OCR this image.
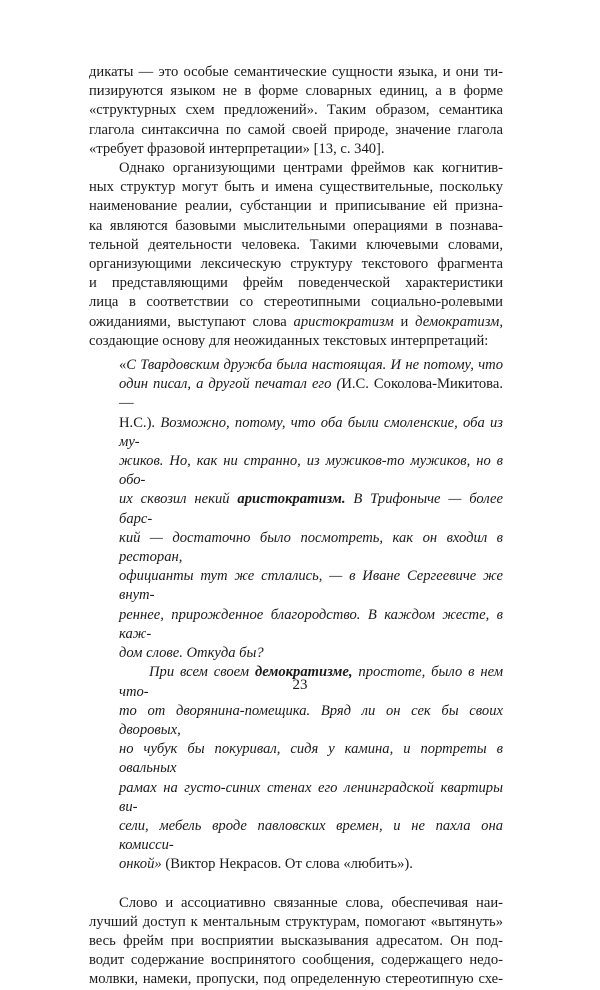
дикаты — это особые семантические сущности языка, и они ти-

пизируются языком не в форме словарных единиц, а в форме

«структурных схем предложений». Таким образом, семантика

глагола синтаксична по самой своей природе, значение глагола

«требует фразовой интерпретации» [13, с. 340].

Однако организующими центрами фреймов как когнитив-

ных структур могут быть и имена существительные, поскольку

наименование реалии, субстанции и приписывание ей призна-

ка являются базовыми мыслительными операциями в познава-

тельной деятельности человека. Такими ключевыми словами,

организующими лексическую структуру текстового фрагмента

и представляющими фрейм поведенческой характеристики

лица в соответствии со стереотипными социально-ролевыми

ожиданиями, выступают слова аристократизм и демократизм,

создающие основу для неожиданных текстовых интерпретаций:

«С Твардовским дружба была настоящая. И не потому, что

один писал, а другой печатал его (И.С. Соколова-Микитова. —

Н.С.). Возможно, потому, что оба были смоленские, оба из му-

жиков. Но, как ни странно, из мужиков-то мужиков, но в обо-

их сквозил некий аристократизм. В Трифоныче — более барс-

кий — достаточно было посмотреть, как он входил в ресторан,

официанты тут же стлались, — в Иване Сергеевиче же внут-

реннее, прирожденное благородство. В каждом жесте, в каж-

дом слове. Откуда бы?

При всем своем демократизме, простоте, было в нем что-

то от дворянина-помещика. Вряд ли он сек бы своих дворовых,

но чубук бы покуривал, сидя у камина, и портреты в овальных

рамах на густо-синих стенах его ленинградской квартиры ви-

сели, мебель вроде павловских времен, и не пахла она комисси-

онкой» (Виктор Некрасов. От слова «любить»).

Слово и ассоциативно связанные слова, обеспечивая наи-

лучший доступ к ментальным структурам, помогают «вытянуть»

весь фрейм при восприятии высказывания адресатом. Он под-

водит содержание воспринятого сообщения, содержащего недо-

молвки, намеки, пропуски, под определенную стереотипную схе-

23
